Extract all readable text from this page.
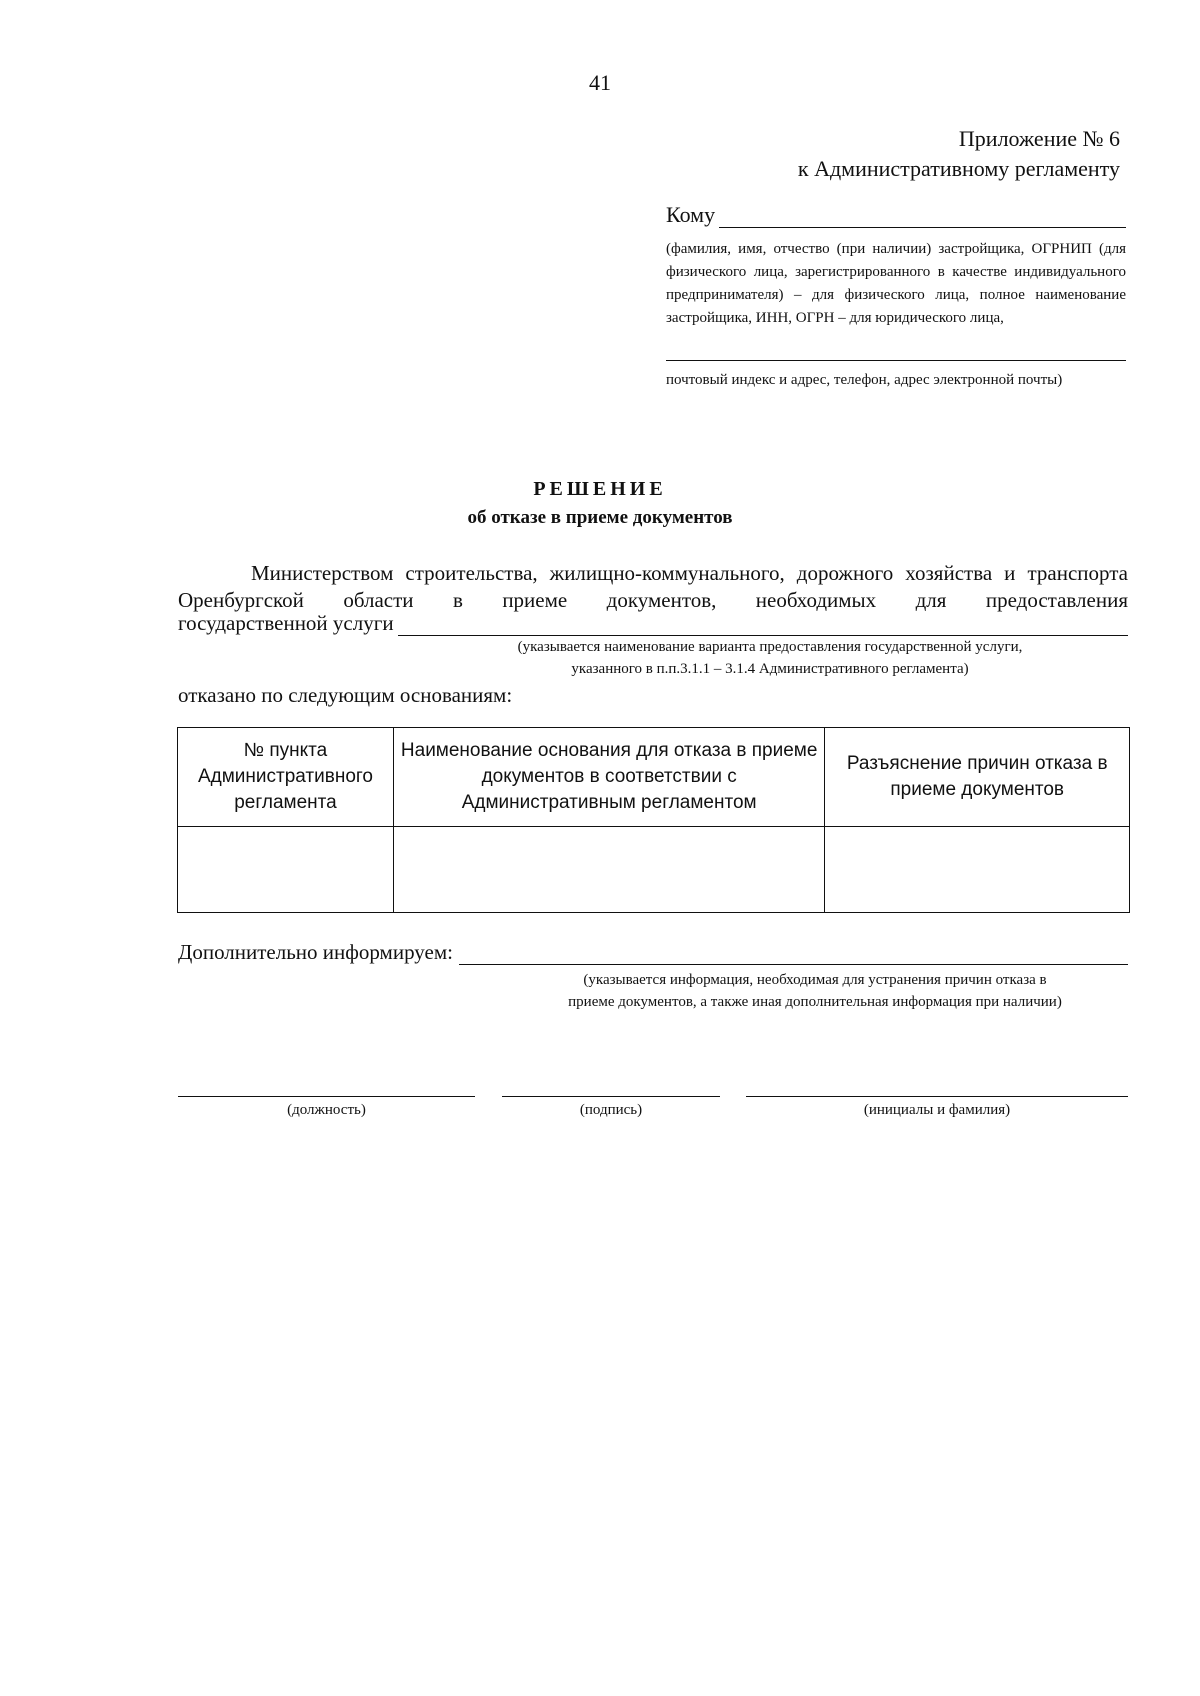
41
Приложение № 6
к Административному регламенту
Кому
(фамилия, имя, отчество (при наличии) застройщика, ОГРНИП (для физического лица, зарегистрированного в качестве индивидуального предпринимателя) – для физического лица, полное наименование застройщика, ИНН, ОГРН – для юридического лица,
почтовый индекс и адрес, телефон, адрес электронной почты)
РЕШЕНИЕ
об отказе в приеме документов
Министерством строительства, жилищно-коммунального, дорожного хозяйства и транспорта Оренбургской области в приеме документов, необходимых для предоставления
государственной услуги
(указывается наименование варианта предоставления государственной услуги,
указанного в п.п.3.1.1 – 3.1.4 Административного регламента)
отказано по следующим основаниям:
№ пункта Административного регламента	Наименование основания для отказа в приеме документов в соответствии с Административным регламентом	Разъяснение причин отказа в приеме документов

Дополнительно информируем:
(указывается информация, необходимая для устранения причин отказа в
приеме документов, а также иная дополнительная информация при наличии)
(должность)	(подпись)	(инициалы и фамилия)
